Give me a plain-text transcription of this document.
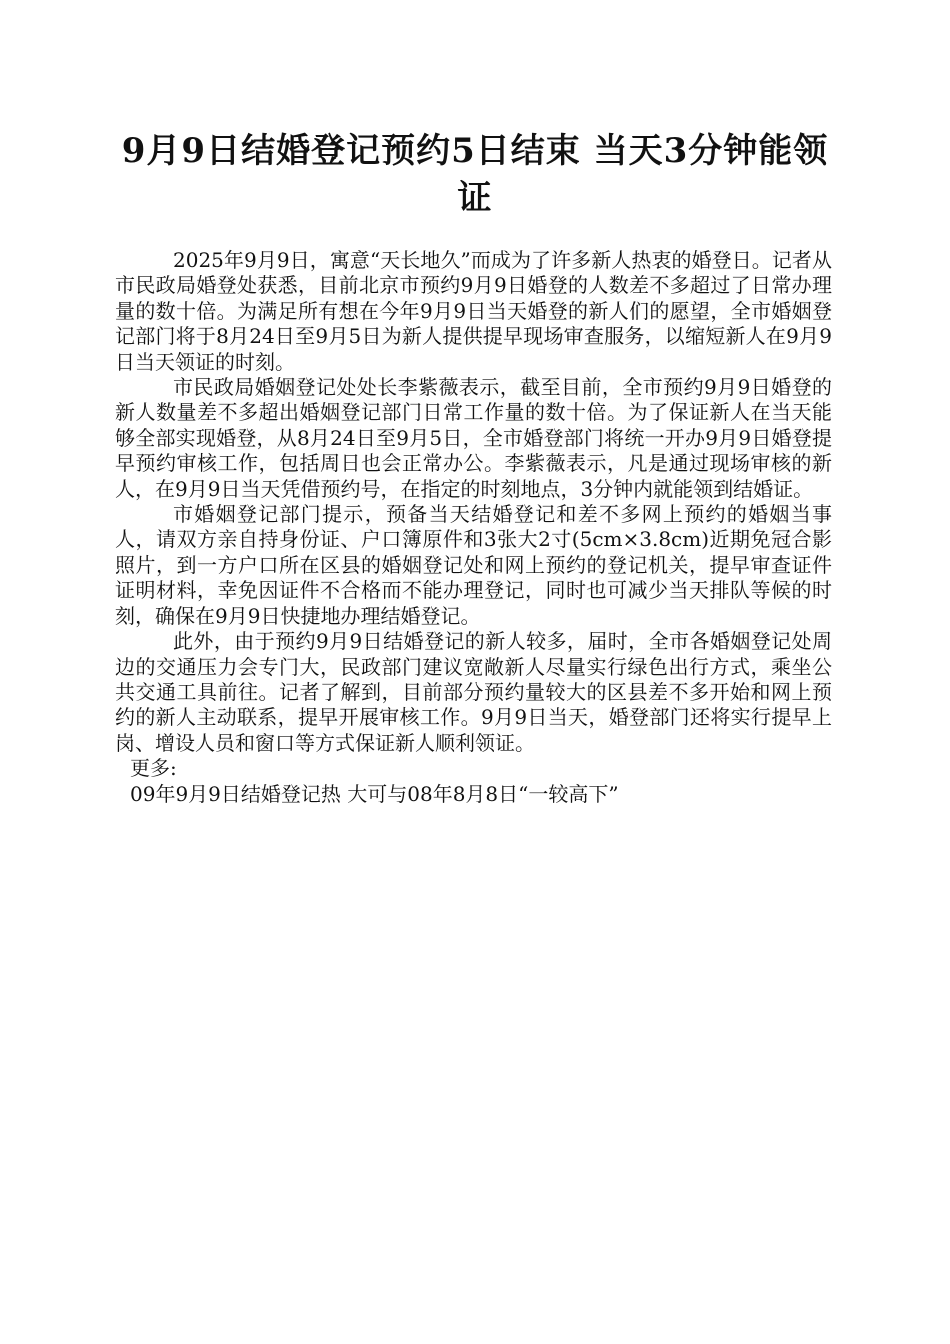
9月9日结婚登记预约5日结束 当天3分钟能领证

2025年9月9日，寓意“天长地久”而成为了许多新人热衷的婚登日。记者从市民政局婚登处获悉，目前北京市预约9月9日婚登的人数差不多超过了日常办理量的数十倍。为满足所有想在今年9月9日当天婚登的新人们的愿望，全市婚姻登记部门将于8月24日至9月5日为新人提供提早现场审查服务，以缩短新人在9月9日当天领证的时刻。

市民政局婚姻登记处处长李紫薇表示，截至目前，全市预约9月9日婚登的新人数量差不多超出婚姻登记部门日常工作量的数十倍。为了保证新人在当天能够全部实现婚登，从8月24日至9月5日，全市婚登部门将统一开办9月9日婚登提早预约审核工作，包括周日也会正常办公。李紫薇表示，凡是通过现场审核的新人，在9月9日当天凭借预约号，在指定的时刻地点，3分钟内就能领到结婚证。

市婚姻登记部门提示，预备当天结婚登记和差不多网上预约的婚姻当事人，请双方亲自持身份证、户口簿原件和3张大2寸(5cm×3.8cm)近期免冠合影照片，到一方户口所在区县的婚姻登记处和网上预约的登记机关，提早审查证件证明材料，幸免因证件不合格而不能办理登记，同时也可减少当天排队等候的时刻，确保在9月9日快捷地办理结婚登记。

此外，由于预约9月9日结婚登记的新人较多，届时，全市各婚姻登记处周边的交通压力会专门大，民政部门建议宽敞新人尽量实行绿色出行方式，乘坐公共交通工具前往。记者了解到，目前部分预约量较大的区县差不多开始和网上预约的新人主动联系，提早开展审核工作。9月9日当天，婚登部门还将实行提早上岗、增设人员和窗口等方式保证新人顺利领证。

更多:

09年9月9日结婚登记热 大可与08年8月8日“一较高下”
